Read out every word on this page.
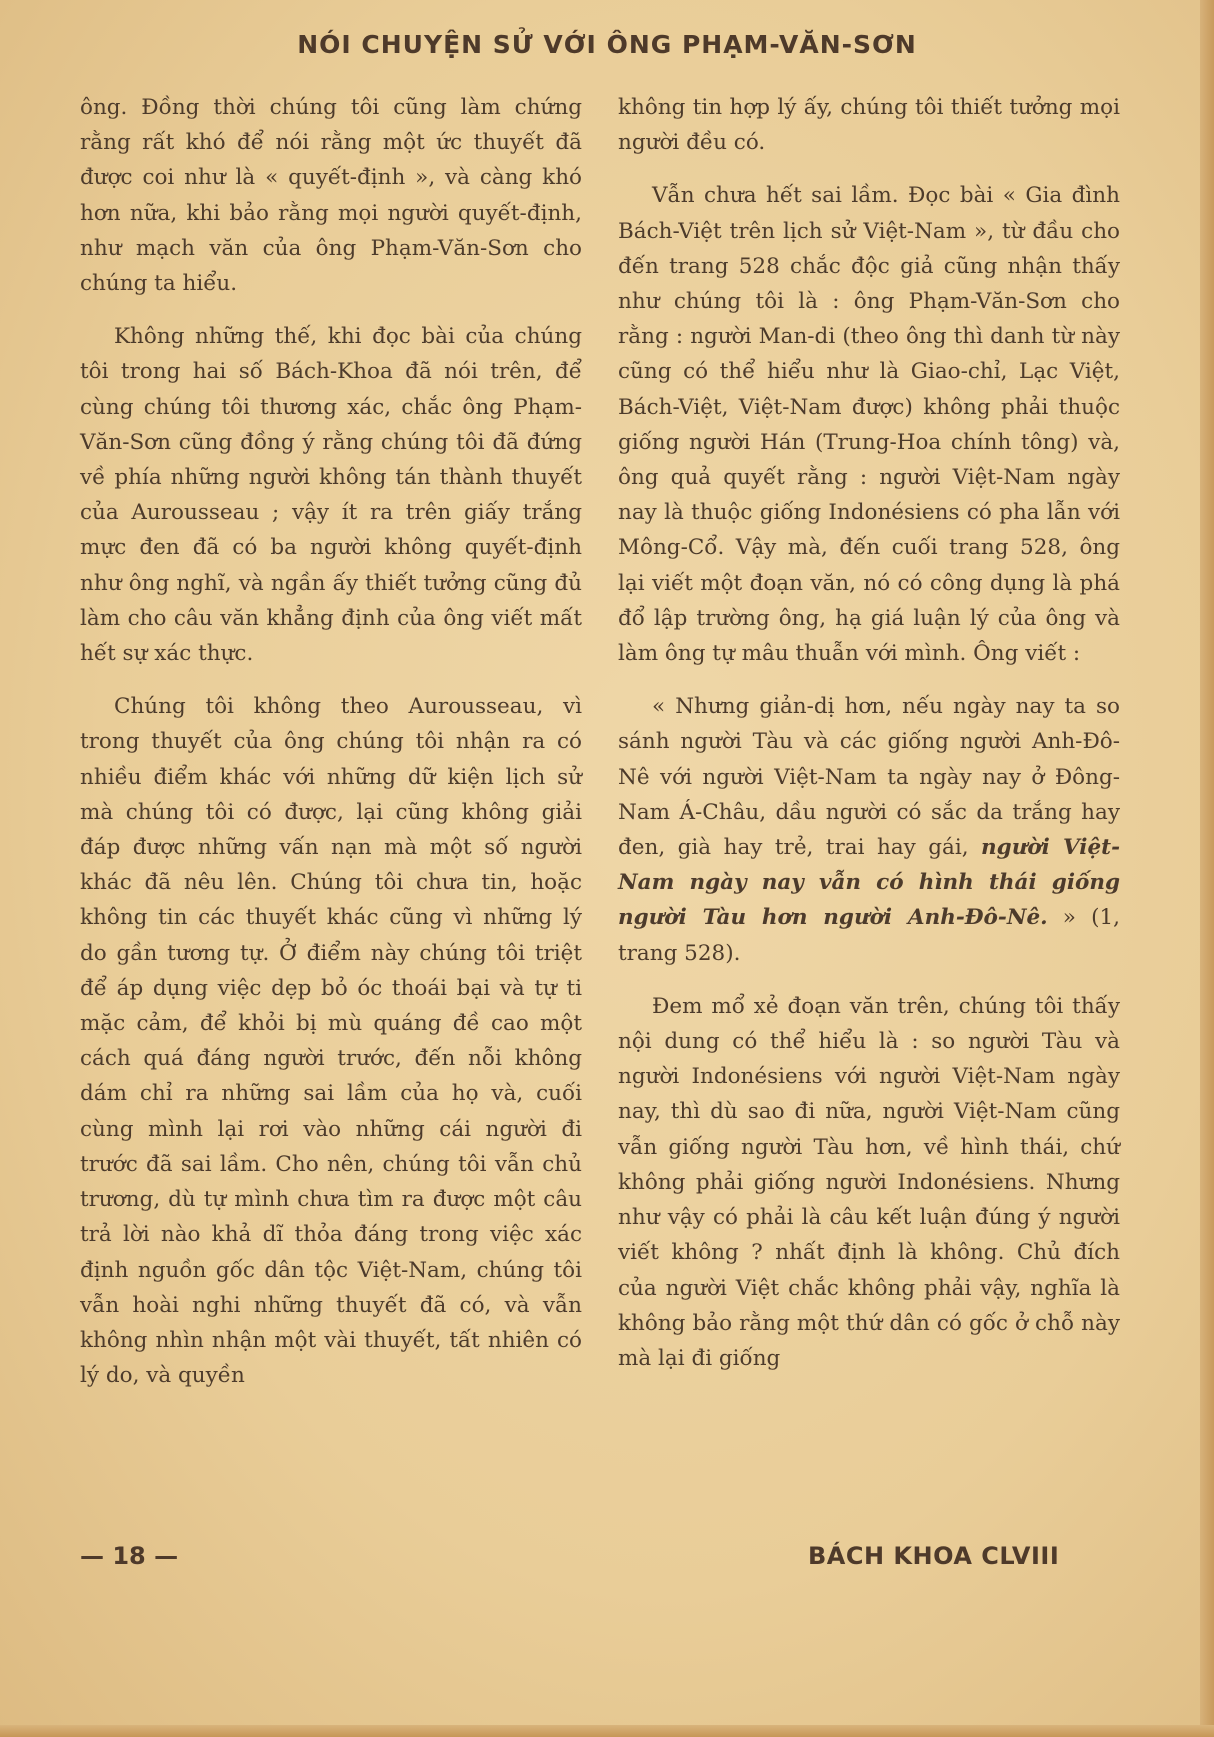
NÓI CHUYỆN SỬ VỚI ÔNG PHẠM-VĂN-SƠN

ông. Đồng thời chúng tôi cũng làm chứng rằng rất khó để nói rằng một ức thuyết đã được coi như là « quyết-định », và càng khó hơn nữa, khi bảo rằng mọi người quyết-định, như mạch văn của ông Phạm-Văn-Sơn cho chúng ta hiểu.

Không những thế, khi đọc bài của chúng tôi trong hai số Bách-Khoa đã nói trên, để cùng chúng tôi thương xác, chắc ông Phạm-Văn-Sơn cũng đồng ý rằng chúng tôi đã đứng về phía những người không tán thành thuyết của Aurousseau ; vậy ít ra trên giấy trắng mực đen đã có ba người không quyết-định như ông nghĩ, và ngần ấy thiết tưởng cũng đủ làm cho câu văn khẳng định của ông viết mất hết sự xác thực.

Chúng tôi không theo Aurousseau, vì trong thuyết của ông chúng tôi nhận ra có nhiều điểm khác với những dữ kiện lịch sử mà chúng tôi có được, lại cũng không giải đáp được những vấn nạn mà một số người khác đã nêu lên. Chúng tôi chưa tin, hoặc không tin các thuyết khác cũng vì những lý do gần tương tự. Ở điểm này chúng tôi triệt để áp dụng việc dẹp bỏ óc thoái bại và tự ti mặc cảm, để khỏi bị mù quáng đề cao một cách quá đáng người trước, đến nỗi không dám chỉ ra những sai lầm của họ và, cuối cùng mình lại rơi vào những cái người đi trước đã sai lầm. Cho nên, chúng tôi vẫn chủ trương, dù tự mình chưa tìm ra được một câu trả lời nào khả dĩ thỏa đáng trong việc xác định nguồn gốc dân tộc Việt-Nam, chúng tôi vẫn hoài nghi những thuyết đã có, và vẫn không nhìn nhận một vài thuyết, tất nhiên có lý do, và quyền

không tin hợp lý ấy, chúng tôi thiết tưởng mọi người đều có.

Vẫn chưa hết sai lầm. Đọc bài « Gia đình Bách-Việt trên lịch sử Việt-Nam », từ đầu cho đến trang 528 chắc độc giả cũng nhận thấy như chúng tôi là : ông Phạm-Văn-Sơn cho rằng : người Man-di (theo ông thì danh từ này cũng có thể hiểu như là Giao-chỉ, Lạc Việt, Bách-Việt, Việt-Nam được) không phải thuộc giống người Hán (Trung-Hoa chính tông) và, ông quả quyết rằng : người Việt-Nam ngày nay là thuộc giống Indonésiens có pha lẫn với Mông-Cổ. Vậy mà, đến cuối trang 528, ông lại viết một đoạn văn, nó có công dụng là phá đổ lập trường ông, hạ giá luận lý của ông và làm ông tự mâu thuẫn với mình. Ông viết :

« Nhưng giản-dị hơn, nếu ngày nay ta so sánh người Tàu và các giống người Anh-Đô-Nê với người Việt-Nam ta ngày nay ở Đông-Nam Á-Châu, dầu người có sắc da trắng hay đen, già hay trẻ, trai hay gái, người Việt-Nam ngày nay vẫn có hình thái giống người Tàu hơn người Anh-Đô-Nê. » (1, trang 528).

Đem mổ xẻ đoạn văn trên, chúng tôi thấy nội dung có thể hiểu là : so người Tàu và người Indonésiens với người Việt-Nam ngày nay, thì dù sao đi nữa, người Việt-Nam cũng vẫn giống người Tàu hơn, về hình thái, chứ không phải giống người Indonésiens. Nhưng như vậy có phải là câu kết luận đúng ý người viết không ? nhất định là không. Chủ đích của người Việt chắc không phải vậy, nghĩa là không bảo rằng một thứ dân có gốc ở chỗ này mà lại đi giống

— 18 —	BÁCH KHOA CLVIII
